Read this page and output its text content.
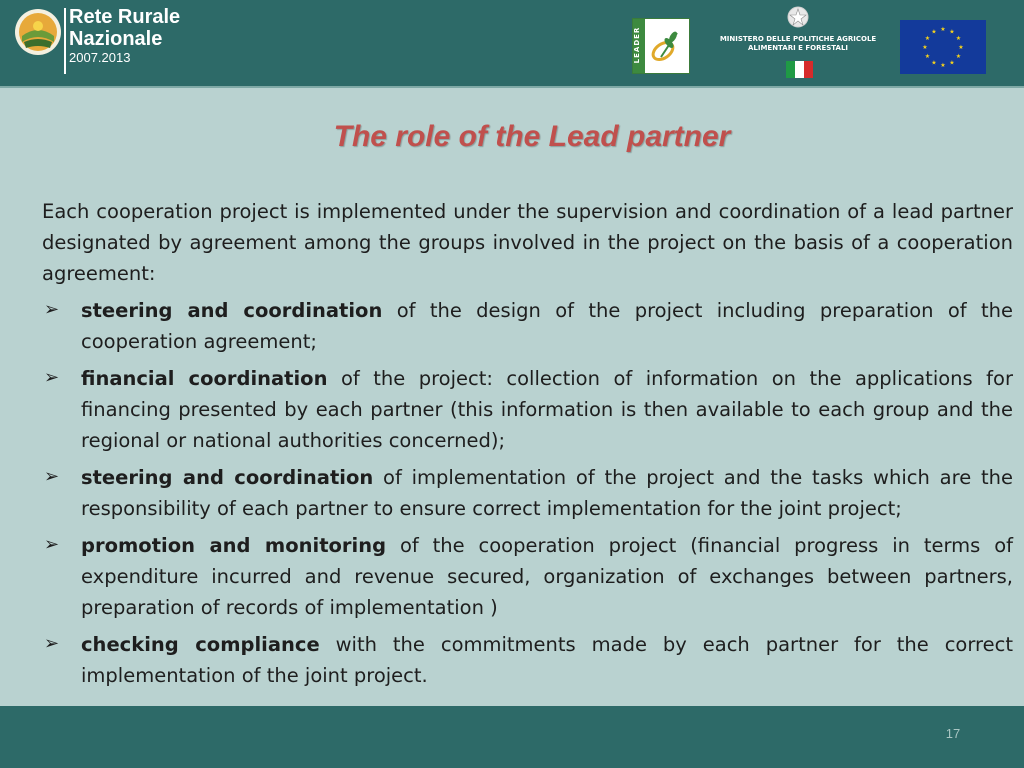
Rete Rurale
Nazionale
2007.2013	LEADER	MINISTERO DELLE POLITICHE AGRICOLE
ALIMENTARI E FORESTALI
★ ★
★
★
★
★
★
★
★
★
★
★
The role of the Lead partner

Each cooperation project is implemented under the supervision and coordination of a lead partner designated by agreement among the groups involved in the project on the basis of a cooperation agreement:

➢ steering and coordination of the design of the project including preparation of the cooperation agreement;
➢ financial coordination of the project: collection of information on the applications for financing presented by each partner (this information is then available to each group and the regional or national authorities concerned);
➢ steering and coordination of implementation of the project and the tasks which are the responsibility of each partner to ensure correct implementation for the joint project;
➢ promotion and monitoring of the cooperation project (financial progress in terms of expenditure incurred and revenue secured, organization of exchanges between partners, preparation of records of implementation )
➢ checking compliance with the commitments made by each partner for the correct implementation of the joint project.
17
